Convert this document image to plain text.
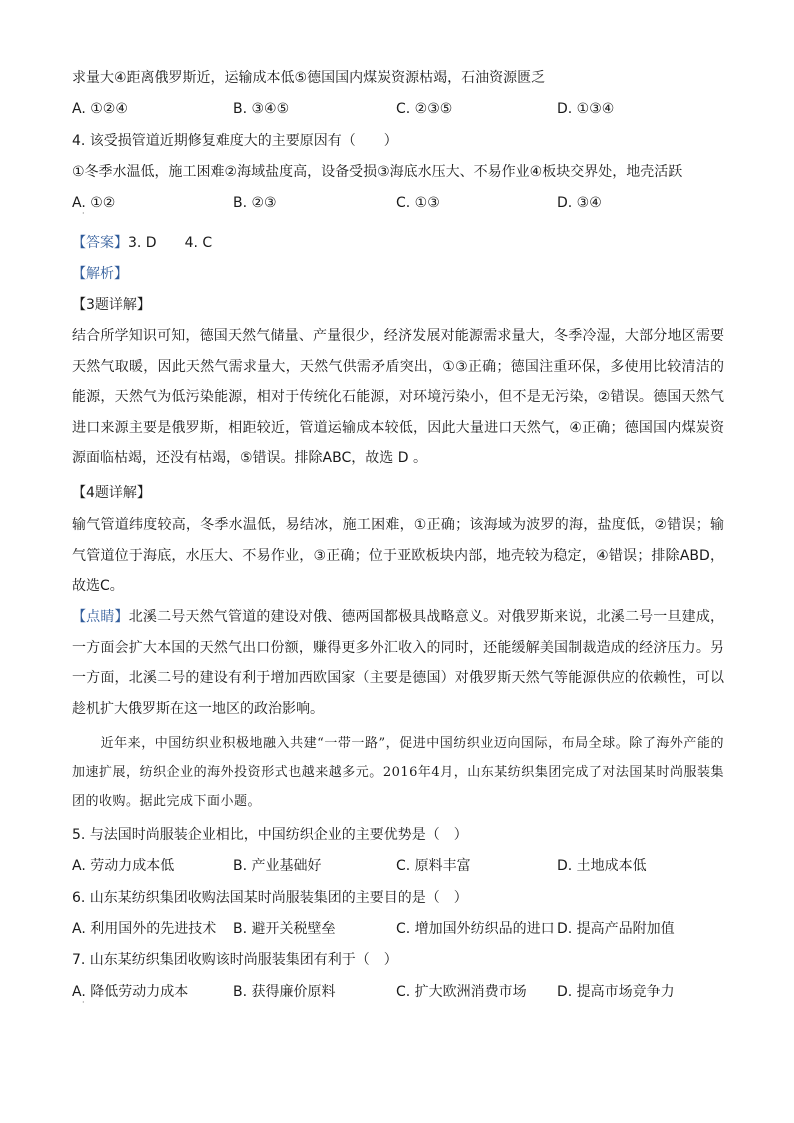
求量大④距离俄罗斯近，运输成本低⑤德国国内煤炭资源枯竭，石油资源匮乏
A. ①②④	B. ③④⑤	C. ②③⑤	D. ①③④
4. 该受损管道近期修复难度大的主要原因有（　　）
①冬季水温低，施工困难②海域盐度高，设备受损③海底水压大、不易作业④板块交界处，地壳活跃
A. ①②	B. ②③	C. ①③	D. ③④
·
【答案】3. D　　4. C
【解析】
【3题详解】
结合所学知识可知，德国天然气储量、产量很少，经济发展对能源需求量大，冬季冷湿，大部分地区需要天然气取暖，因此天然气需求量大，天然气供需矛盾突出，①③正确；德国注重环保，多使用比较清洁的能源，天然气为低污染能源，相对于传统化石能源，对环境污染小，但不是无污染，②错误。德国天然气进口来源主要是俄罗斯，相距较近，管道运输成本较低，因此大量进口天然气，④正确；德国国内煤炭资源面临枯竭，还没有枯竭，⑤错误。排除ABC，故选 D 。
【4题详解】
输气管道纬度较高，冬季水温低，易结冰，施工困难，①正确；该海域为波罗的海，盐度低，②错误；输气管道位于海底，水压大、不易作业，③正确；位于亚欧板块内部，地壳较为稳定，④错误；排除ABD，故选C。
【点睛】北溪二号天然气管道的建设对俄、德两国都极具战略意义。对俄罗斯来说，北溪二号一旦建成，一方面会扩大本国的天然气出口份额，赚得更多外汇收入的同时，还能缓解美国制裁造成的经济压力。另一方面，北溪二号的建设有利于增加西欧国家（主要是德国）对俄罗斯天然气等能源供应的依赖性，可以趁机扩大俄罗斯在这一地区的政治影响。
近年来，中国纺织业积极地融入共建“一带一路”，促进中国纺织业迈向国际，布局全球。除了海外产能的加速扩展，纺织企业的海外投资形式也越来越多元。2016年4月，山东某纺织集团完成了对法国某时尚服装集团的收购。据此完成下面小题。
5. 与法国时尚服装企业相比，中国纺织企业的主要优势是（　）
A. 劳动力成本低	B. 产业基础好	C. 原料丰富	D. 土地成本低
6. 山东某纺织集团收购法国某时尚服装集团的主要目的是（　）
A. 利用国外的先进技术 B. 避开关税壁垒	C. 增加国外纺织品的进口 D. 提高产品附加值
7. 山东某纺织集团收购该时尚服装集团有利于（　）
A. 降低劳动力成本	B. 获得廉价原料	C. 扩大欧洲消费市场 D. 提高市场竞争力
·
